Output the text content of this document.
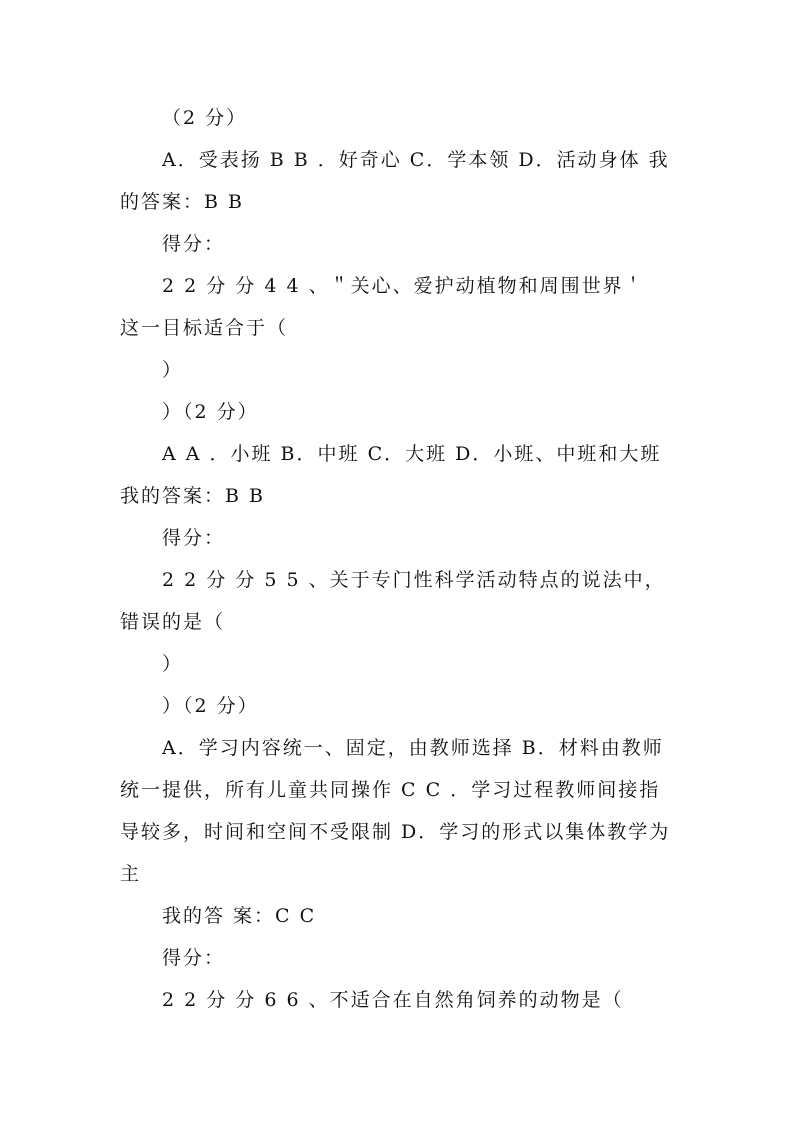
（2 分）
A．受表扬 B B ．好奇心 C．学本领 D．活动身体 我
的答案：B B
得分：
2 2 分 分 4 4 、＂关心、爱护动植物和周围世界＇
这一目标适合于（
）
）（2 分）
A A ．小班 B．中班 C．大班 D．小班、中班和大班
我的答案：B B
得分：
2 2 分 分 5 5 、关于专门性科学活动特点的说法中，
错误的是（
）
）（2 分）
A．学习内容统一、固定，由教师选择 B．材料由教师
统一提供，所有儿童共同操作 C C ．学习过程教师间接指
导较多，时间和空间不受限制 D．学习的形式以集体教学为
主
我的答 案：C C
得分：
2 2 分 分 6 6 、不适合在自然角饲养的动物是（
